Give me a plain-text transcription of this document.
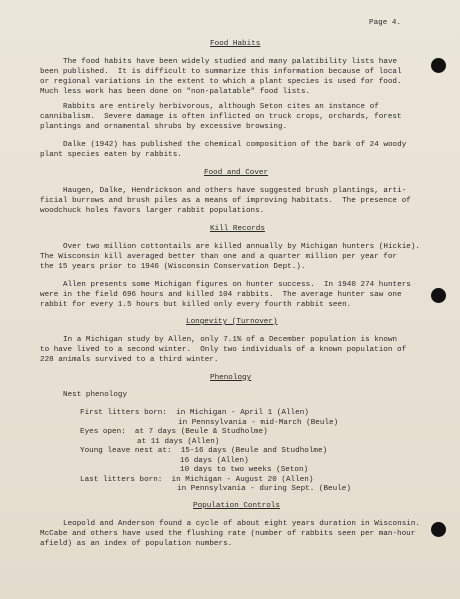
Page 4.
Food Habits
The food habits have been widely studied and many palatibility lists have
been published.  It is difficult to summarize this information because of local
or regional variations in the extent to which a plant species is used for food.
Much less work has been done on "non-palatable" food lists.
Rabbits are entirely herbivorous, although Seton cites an instance of
cannibalism.  Severe damage is often inflicted on truck crops, orchards, forest
plantings and ornamental shrubs by excessive browsing.
Dalke (1942) has published the chemical composition of the bark of 24 woody
plant species eaten by rabbits.
Food and Cover
Haugen, Dalke, Hendrickson and others have suggested brush plantings, arti-
ficial burrows and brush piles as a means of improving habitats.  The presence of
woodchuck holes favors larger rabbit populations.
Kill Records
Over two million cottontails are killed annually by Michigan hunters (Hickie).
The Wisconsin kill averaged better than one and a quarter million per year for
the 15 years prior to 1946 (Wisconsin Conservation Dept.).
Allen presents some Michigan figures on hunter success.  In 1940 274 hunters
were in the field 696 hours and killed 104 rabbits.  The average hunter saw one
rabbit for every 1.5 hours but killed only every fourth rabbit seen.
Longevity (Turnover)
In a Michigan study by Allen, only 7.1% of a December population is known
to have lived to a second winter.  Only two individuals of a known population of
228 animals survived to a third winter.
Phenology
Nest phenology
First litters born:  in Michigan - April 1 (Allen)
in Pennsylvania - mid-March (Beule)
Eyes open:  at 7 days (Beule & Studholme)
at 11 days (Allen)
Young leave nest at:  15-16 days (Beule and Studholme)
16 days (Allen)
10 days to two weeks (Seton)
Last litters born:  in Michigan - August 20 (Allen)
in Pennsylvania - during Sept. (Beule)
Population Controls
Leopold and Anderson found a cycle of about eight years duration in Wisconsin.
McCabe and others have used the flushing rate (number of rabbits seen per man-hour
afield) as an index of population numbers.
